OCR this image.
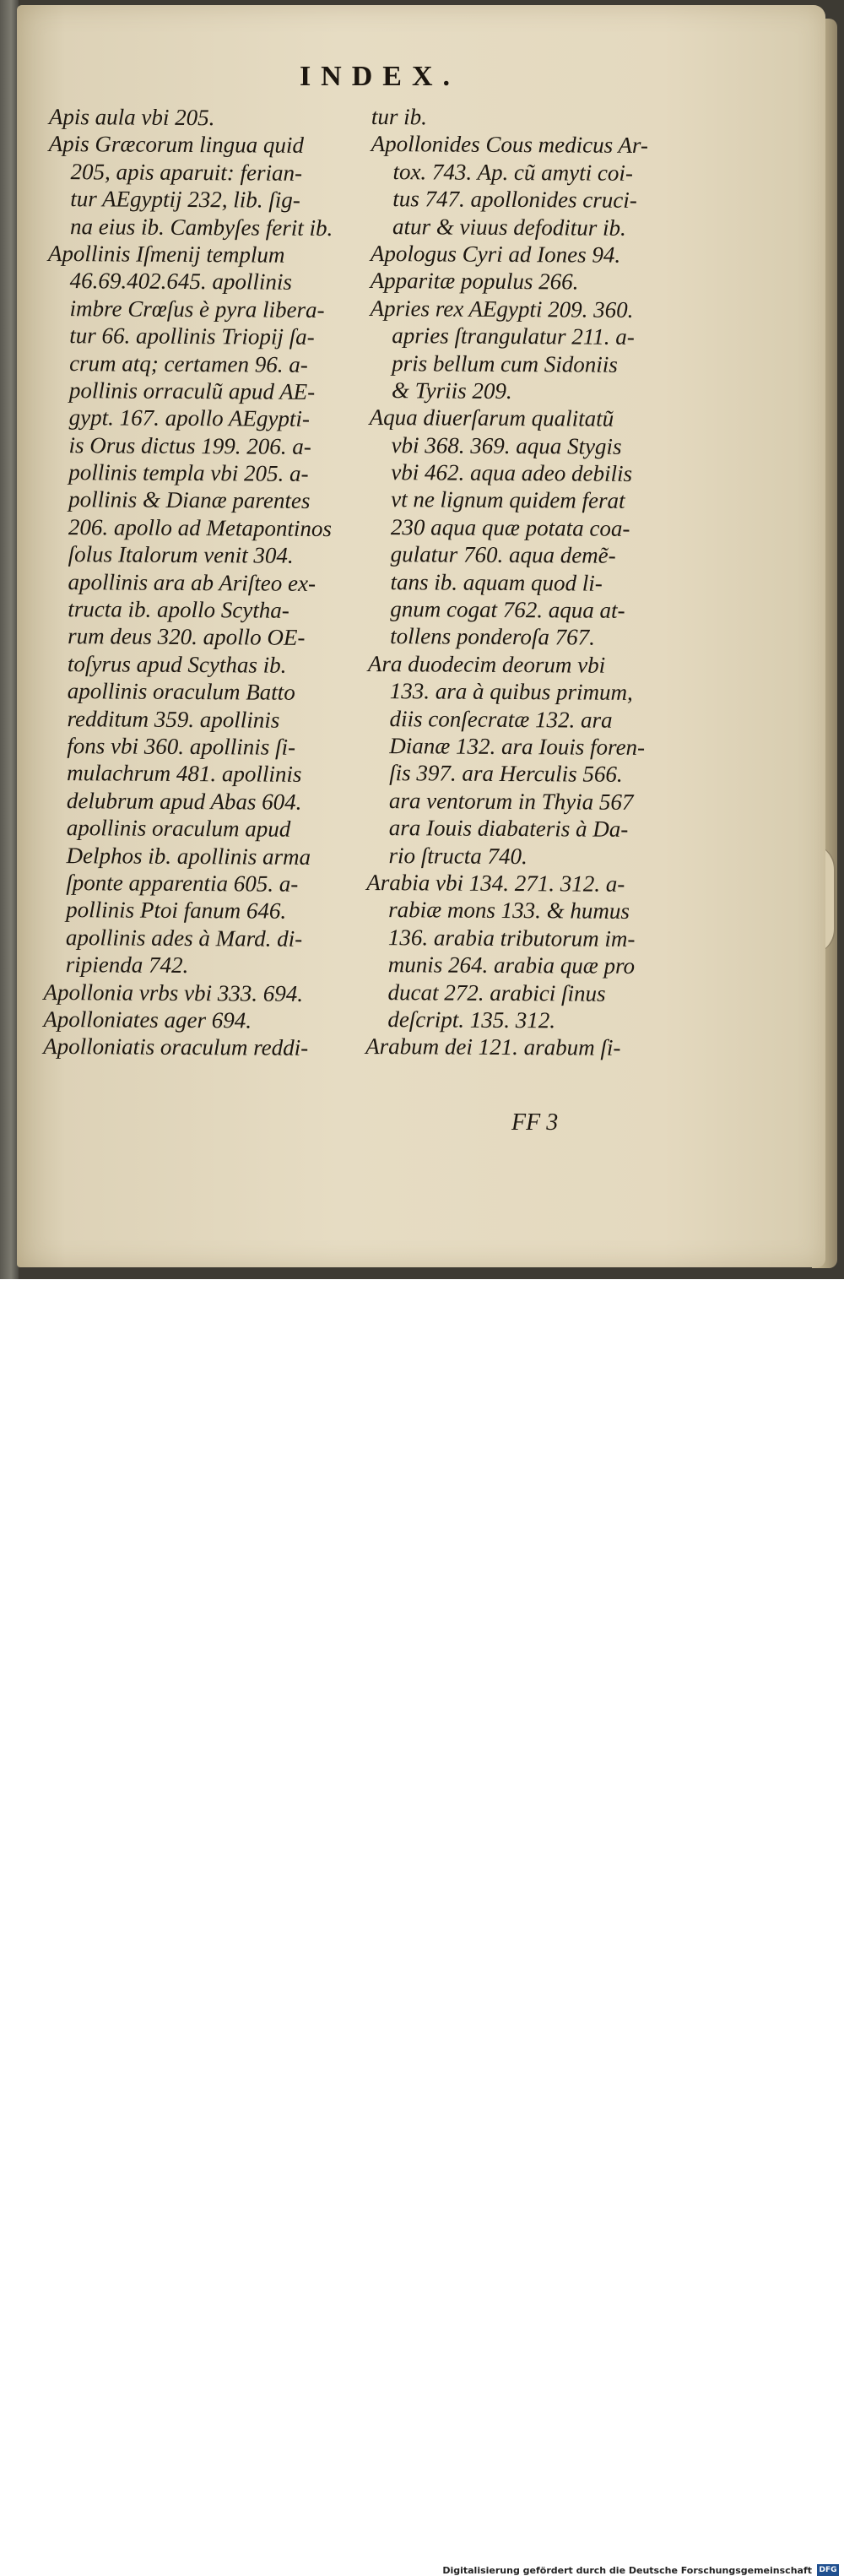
INDEX.
Apis aula vbi 205.
Apis Græcorum lingua quid
205, apis aparuit: ferian-
tur AEgyptij 232, lib. ſig-
na eius ib. Cambyſes ferit ib.
Apollinis Iſmenij templum
46.69.402.645. apollinis
imbre Crœſus è pyra libera-
tur 66. apollinis Triopij ſa-
crum atq; certamen 96. a-
pollinis orraculũ apud AE-
gypt. 167. apollo AEgypti-
is Orus dictus 199. 206. a-
pollinis templa vbi 205. a-
pollinis & Dianæ parentes
206. apollo ad Metapontinos
ſolus Italorum venit 304.
apollinis ara ab Ariſteo ex-
tructa ib. apollo Scytha-
rum deus 320. apollo OE-
toſyrus apud Scythas ib.
apollinis oraculum Batto
redditum 359. apollinis
fons vbi 360. apollinis ſi-
mulachrum 481. apollinis
delubrum apud Abas 604.
apollinis oraculum apud
Delphos ib. apollinis arma
ſponte apparentia 605. a-
pollinis Ptoi fanum 646.
apollinis ades à Mard. di-
ripienda 742.
Apollonia vrbs vbi 333. 694.
Apolloniates ager 694.
Apolloniatis oraculum reddi-
tur ib.
Apollonides Cous medicus Ar-
tox. 743. Ap. cũ amyti coi-
tus 747. apollonides cruci-
atur & viuus defoditur ib.
Apologus Cyri ad Iones 94.
Apparitæ populus 266.
Apries rex AEgypti 209. 360.
apries ſtrangulatur 211. a-
pris bellum cum Sidoniis
& Tyriis 209.
Aqua diuerſarum qualitatũ
vbi 368. 369. aqua Stygis
vbi 462. aqua adeo debilis
vt ne lignum quidem ferat
230 aqua quæ potata coa-
gulatur 760. aqua demẽ-
tans ib. aquam quod li-
gnum cogat 762. aqua at-
tollens ponderoſa 767.
Ara duodecim deorum vbi
133. ara à quibus primum,
diis conſecratæ 132. ara
Dianæ 132. ara Iouis foren-
ſis 397. ara Herculis 566.
ara ventorum in Thyia 567
ara Iouis diabateris à Da-
rio ſtructa 740.
Arabia vbi 134. 271. 312. a-
rabiæ mons 133. & humus
136. arabia tributorum im-
munis 264. arabia quæ pro
ducat 272. arabici ſinus
deſcript. 135. 312.
Arabum dei 121. arabum ſi-
FF 3
Digitalisierung gefördert durch die Deutsche Forschungsgemeinschaft DFG
